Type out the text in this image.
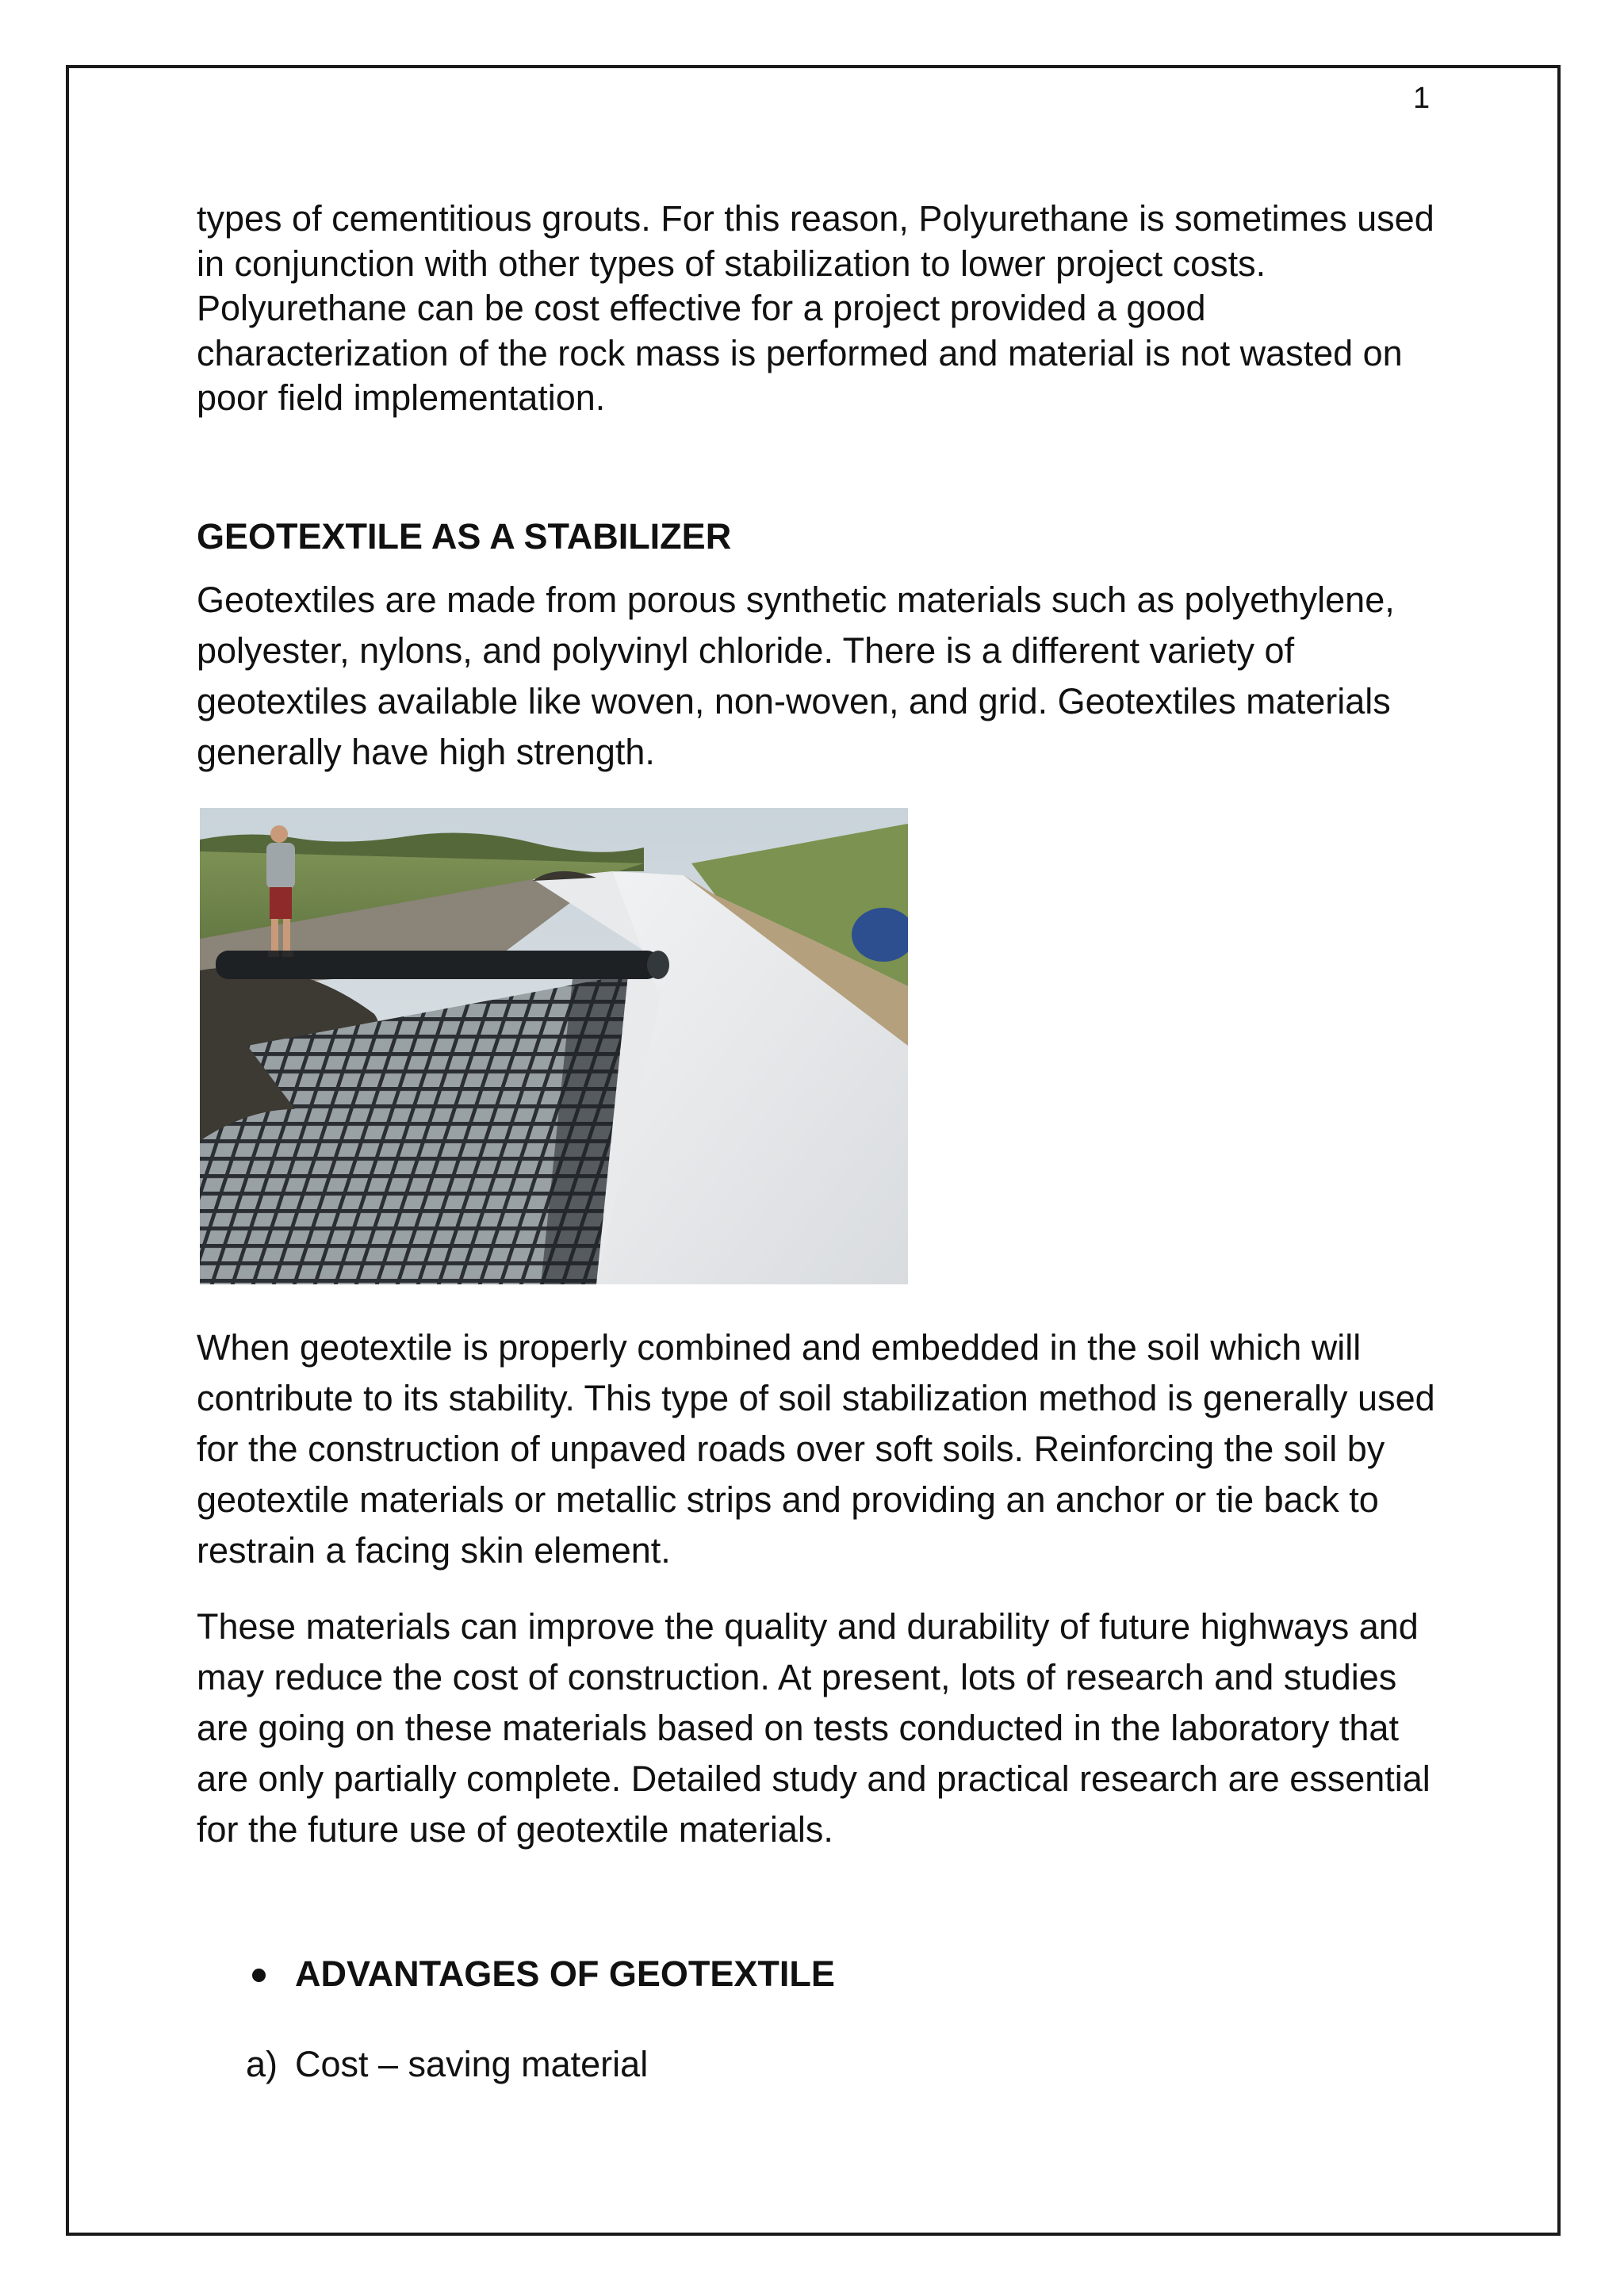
1

types of cementitious grouts. For this reason, Polyurethane is sometimes used in conjunction with other types of stabilization to lower project costs. Polyurethane can be cost effective for a project provided a good characterization of the rock mass is performed and material is not wasted on poor field implementation.

GEOTEXTILE AS A STABILIZER

Geotextiles are made from porous synthetic materials such as polyethylene, polyester, nylons, and polyvinyl chloride. There is a different variety of geotextiles available like woven, non-woven, and grid. Geotextiles materials generally have high strength.

When geotextile is properly combined and embedded in the soil which will contribute to its stability. This type of soil stabilization method is generally used for the construction of unpaved roads over soft soils. Reinforcing the soil by geotextile materials or metallic strips and providing an anchor or tie back to restrain a facing skin element.

These materials can improve the quality and durability of future highways and may reduce the cost of construction. At present, lots of research and studies are going on these materials based on tests conducted in the laboratory that are only partially complete. Detailed study and practical research are essential for the future use of geotextile materials.

ADVANTAGES OF GEOTEXTILE
a) Cost – saving material
